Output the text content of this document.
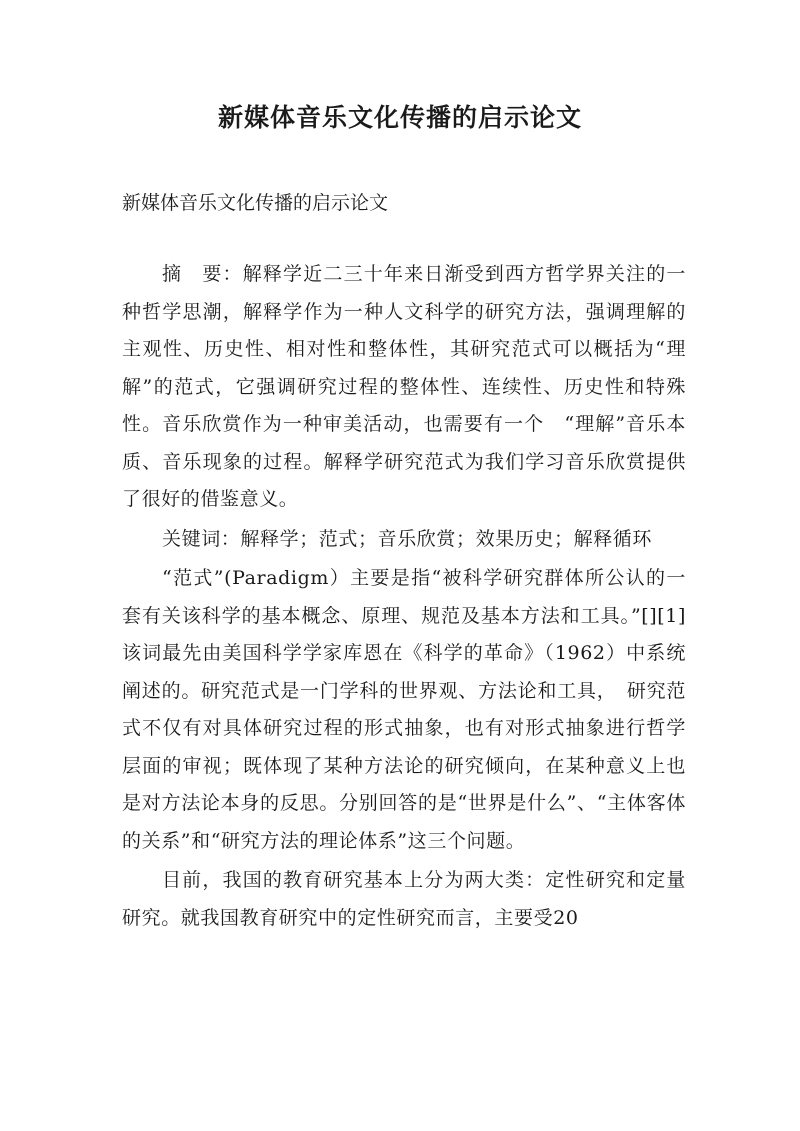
新媒体音乐文化传播的启示论文

新媒体音乐文化传播的启示论文

摘　要：解释学近二三十年来日渐受到西方哲学界关注的一种哲学思潮，解释学作为一种人文科学的研究方法，强调理解的主观性、历史性、相对性和整体性，其研究范式可以概括为“理解”的范式，它强调研究过程的整体性、连续性、历史性和特殊性。音乐欣赏作为一种审美活动，也需要有一个　“理解”音乐本质、音乐现象的过程。解释学研究范式为我们学习音乐欣赏提供了很好的借鉴意义。

关键词：解释学；范式；音乐欣赏；效果历史；解释循环

“范式”(Paradigm）主要是指“被科学研究群体所公认的一套有关该科学的基本概念、原理、规范及基本方法和工具。”[][1]该词最先由美国科学学家库恩在《科学的革命》（1962）中系统阐述的。研究范式是一门学科的世界观、方法论和工具，　研究范式不仅有对具体研究过程的形式抽象，也有对形式抽象进行哲学层面的审视；既体现了某种方法论的研究倾向，在某种意义上也是对方法论本身的反思。分别回答的是“世界是什么”、“主体客体的关系”和“研究方法的理论体系”这三个问题。

目前，我国的教育研究基本上分为两大类：定性研究和定量研究。就我国教育研究中的定性研究而言，主要受20
